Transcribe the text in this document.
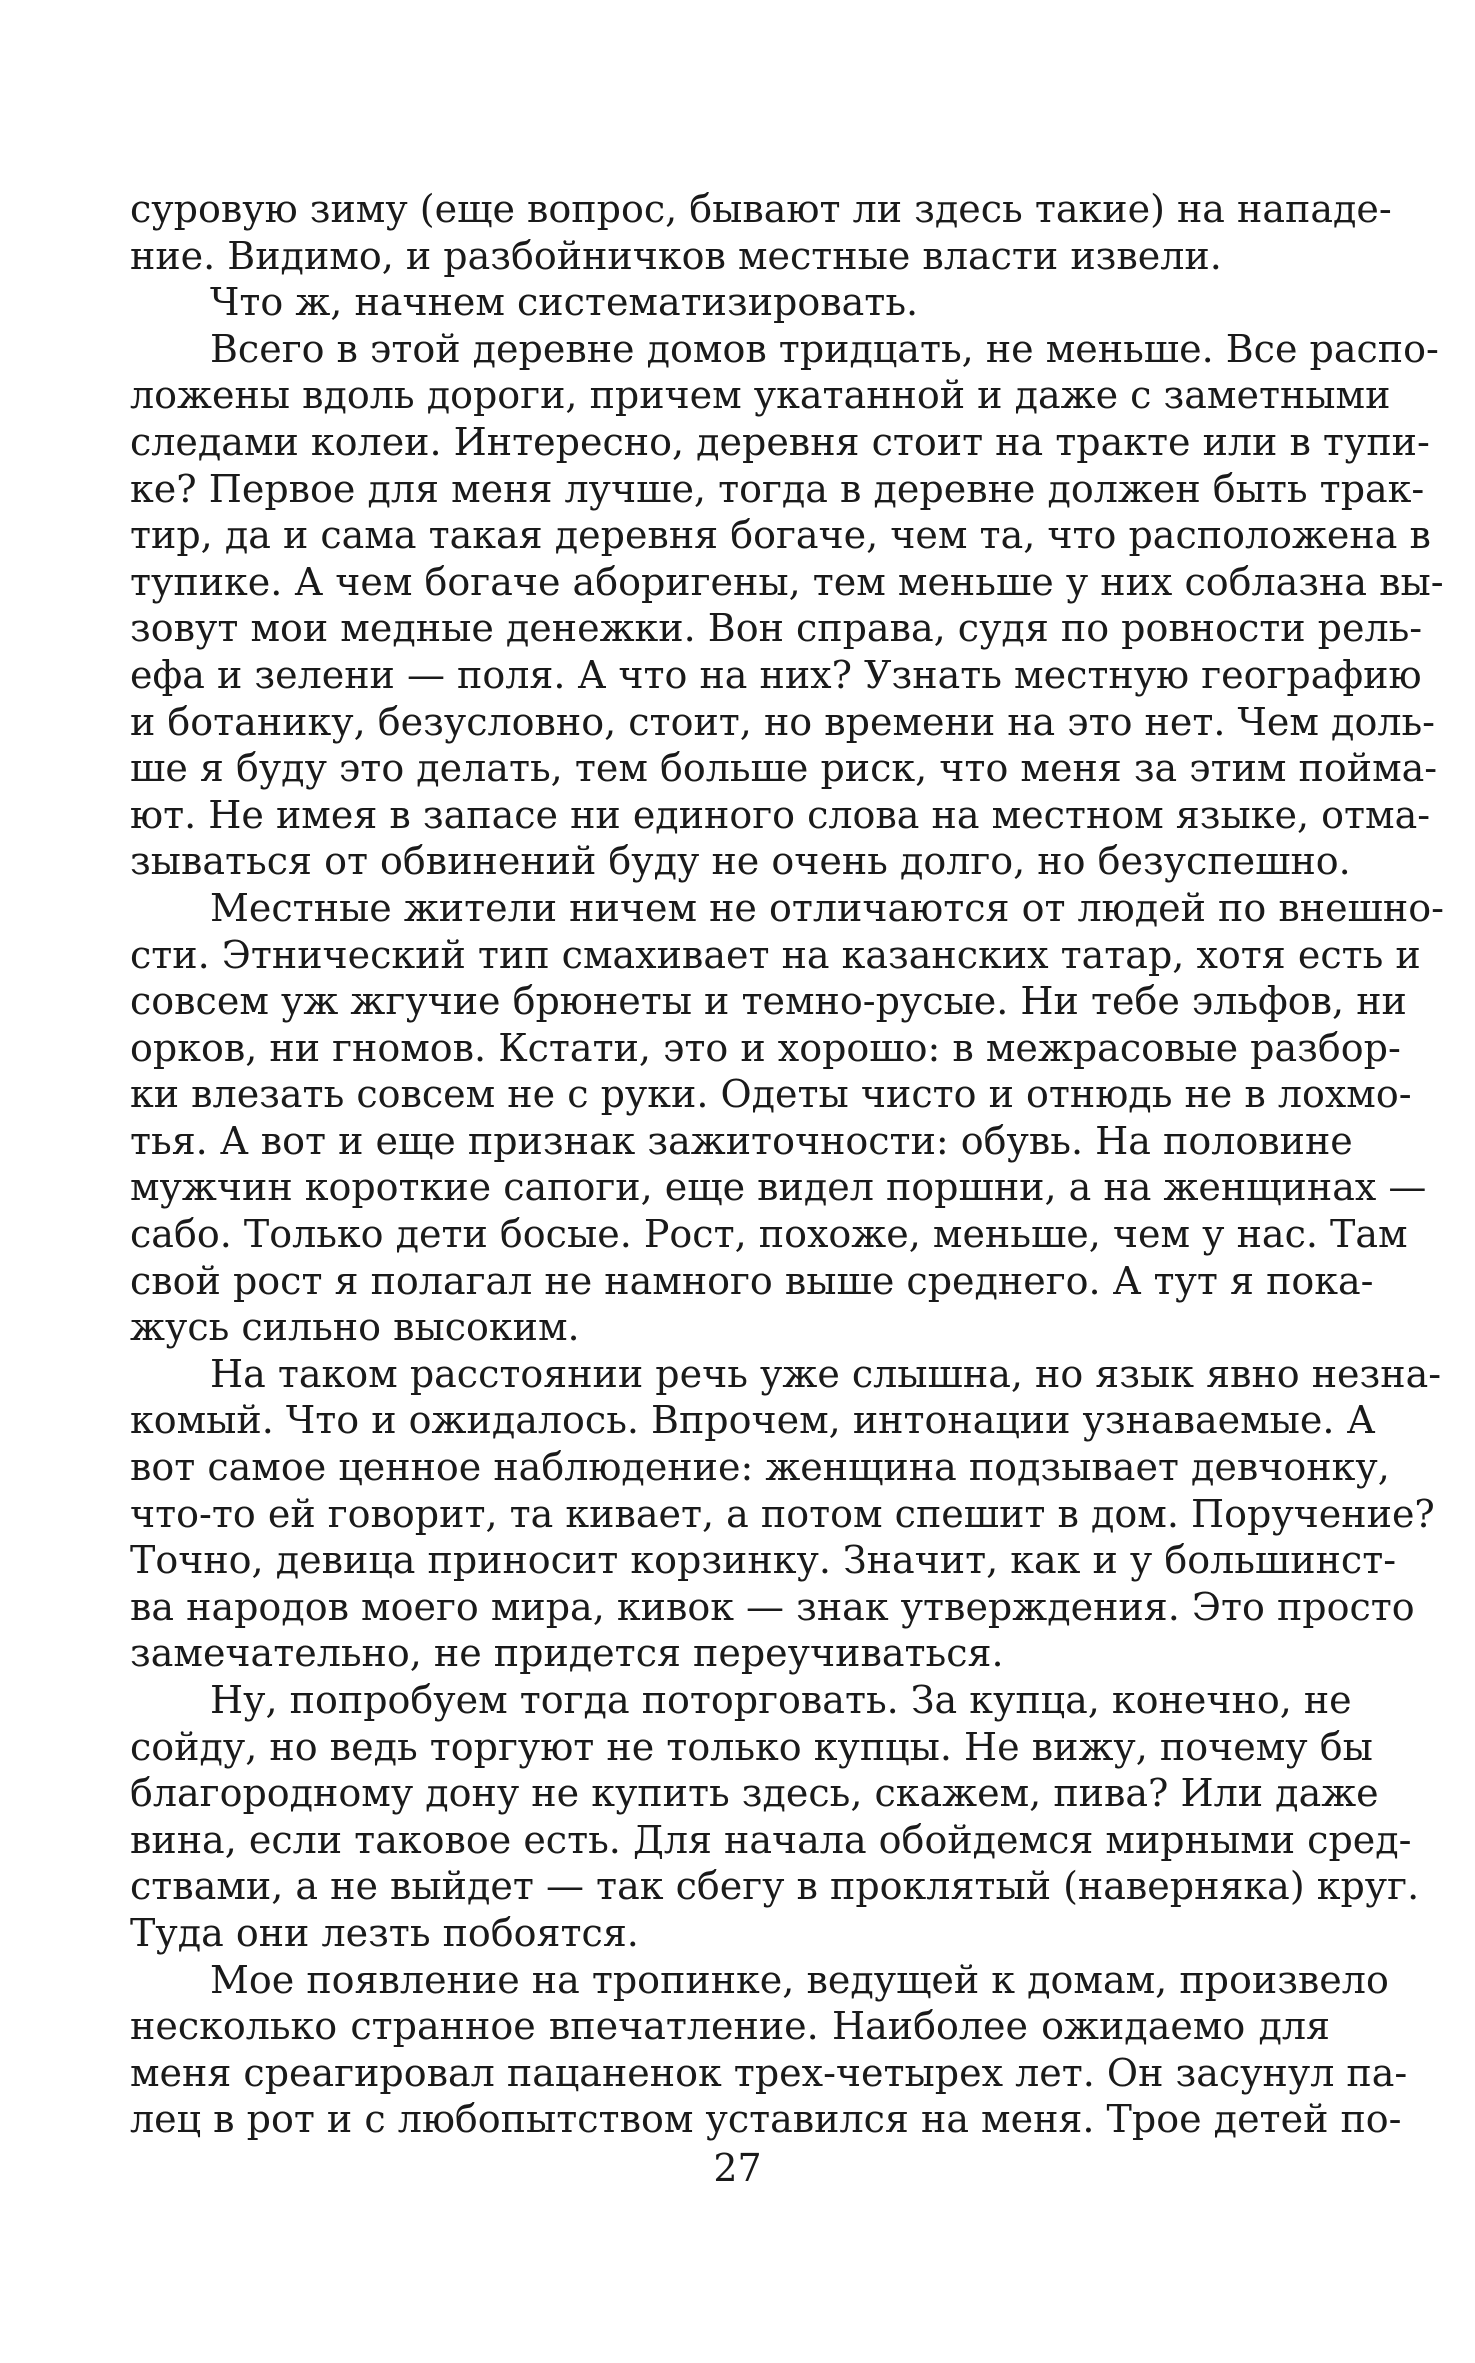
суровую зиму (еще вопрос, бывают ли здесь такие) на нападе-
ние. Видимо, и разбойничков местные власти извели.

Что ж, начнем систематизировать.

Всего в этой деревне домов тридцать, не меньше. Все распо-
ложены вдоль дороги, причем укатанной и даже с заметными
следами колеи. Интересно, деревня стоит на тракте или в тупи-
ке? Первое для меня лучше, тогда в деревне должен быть трак-
тир, да и сама такая деревня богаче, чем та, что расположена в
тупике. А чем богаче аборигены, тем меньше у них соблазна вы-
зовут мои медные денежки. Вон справа, судя по ровности рель-
ефа и зелени — поля. А что на них? Узнать местную географию
и ботанику, безусловно, стоит, но времени на это нет. Чем доль-
ше я буду это делать, тем больше риск, что меня за этим пойма-
ют. Не имея в запасе ни единого слова на местном языке, отма-
зываться от обвинений буду не очень долго, но безуспешно.

Местные жители ничем не отличаются от людей по внешно-
сти. Этнический тип смахивает на казанских татар, хотя есть и
совсем уж жгучие брюнеты и темно-русые. Ни тебе эльфов, ни
орков, ни гномов. Кстати, это и хорошо: в межрасовые разбор-
ки влезать совсем не с руки. Одеты чисто и отнюдь не в лохмо-
тья. А вот и еще признак зажиточности: обувь. На половине
мужчин короткие сапоги, еще видел поршни, а на женщинах —
сабо. Только дети босые. Рост, похоже, меньше, чем у нас. Там
свой рост я полагал не намного выше среднего. А тут я пока-
жусь сильно высоким.

На таком расстоянии речь уже слышна, но язык явно незна-
комый. Что и ожидалось. Впрочем, интонации узнаваемые. А
вот самое ценное наблюдение: женщина подзывает девчонку,
что-то ей говорит, та кивает, а потом спешит в дом. Поручение?
Точно, девица приносит корзинку. Значит, как и у большинст-
ва народов моего мира, кивок — знак утверждения. Это просто
замечательно, не придется переучиваться.

Ну, попробуем тогда поторговать. За купца, конечно, не
сойду, но ведь торгуют не только купцы. Не вижу, почему бы
благородному дону не купить здесь, скажем, пива? Или даже
вина, если таковое есть. Для начала обойдемся мирными сред-
ствами, а не выйдет — так сбегу в проклятый (наверняка) круг.
Туда они лезть побоятся.

Мое появление на тропинке, ведущей к домам, произвело
несколько странное впечатление. Наиболее ожидаемо для
меня среагировал пацаненок трех-четырех лет. Он засунул па-
лец в рот и с любопытством уставился на меня. Трое детей по-

27
